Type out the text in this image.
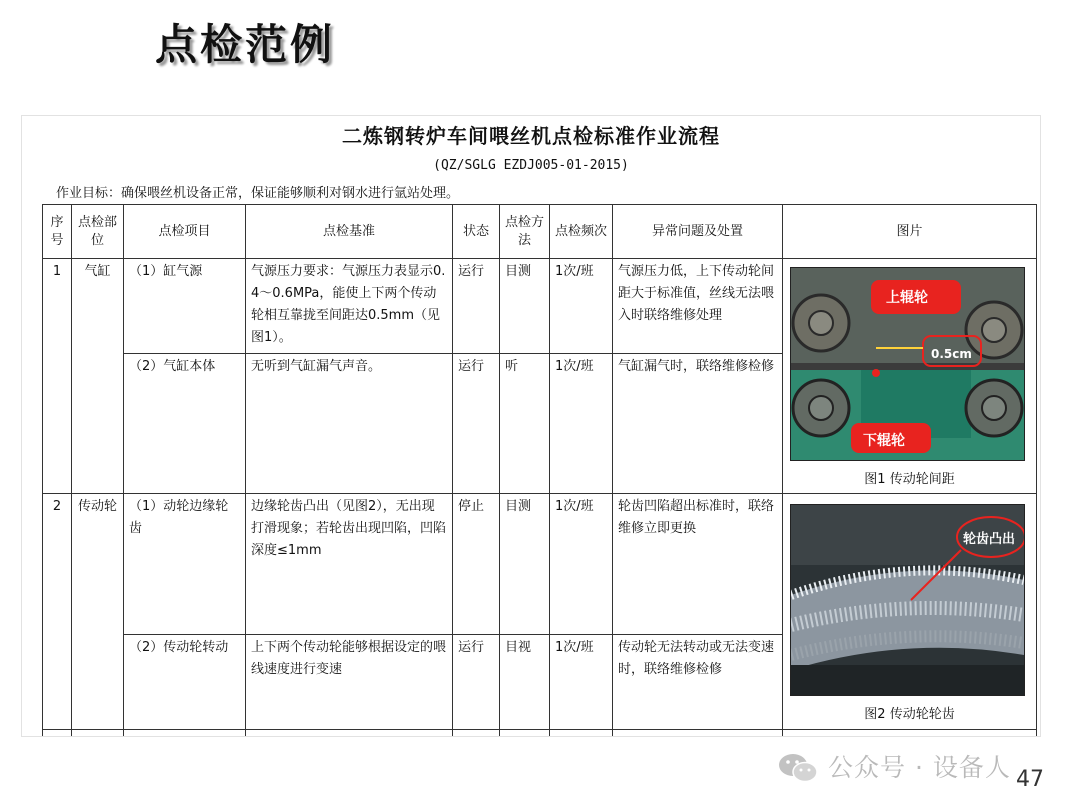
点检范例
二炼钢转炉车间喂丝机点检标准作业流程
(QZ/SGLG EZDJ005-01-2015)
作业目标：确保喂丝机设备正常，保证能够顺利对钢水进行氩站处理。
序号	点检部位	点检项目	点检基准	状态	点检方法	点检频次	异常问题及处置	图片
1	气缸	（1）缸气源	气源压力要求：气源压力表显示0.4～0.6MPa，能使上下两个传动轮相互靠拢至间距达0.5mm（见图1）。	运行	目测	1次/班	气源压力低，上下传动轮间距大于标准值，丝线无法喂入时联络维修处理	上辊轮
0.5cm
下辊轮
图1 传动轮间距

		（2）气缸本体	无听到气缸漏气声音。	运行	听	1次/班	气缸漏气时，联络维修检修	
2	传动轮	（1）动轮边缘轮齿	边缘轮齿凸出（见图2），无出现打滑现象；若轮齿出现凹陷，凹陷深度≤1mm	停止	目测	1次/班	轮齿凹陷超出标准时，联络维修立即更换	轮齿凸出
图2 传动轮轮齿

		（2）传动轮转动	上下两个传动轮能够根据设定的喂线速度进行变速	运行	目视	1次/班	传动轮无法转动或无法变速时，联络维修检修	

公众号 · 设备人 47
